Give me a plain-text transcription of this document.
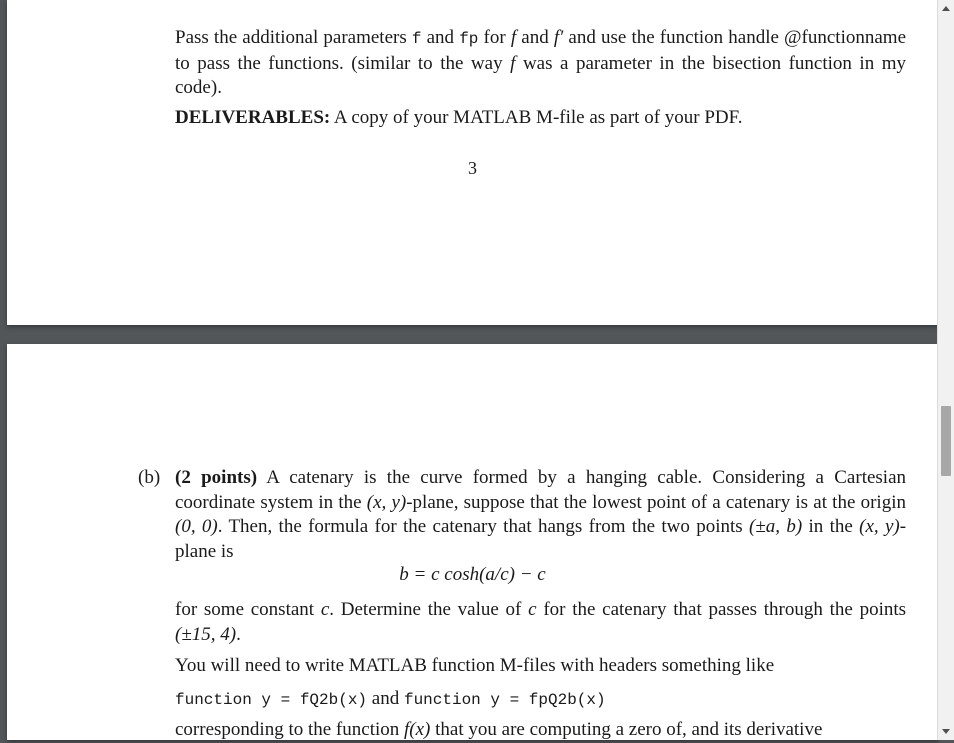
Pass the additional parameters f and fp for f and f′ and use the function handle @functionname to pass the functions. (similar to the way f was a parameter in the bisection function in my code).

DELIVERABLES: A copy of your MATLAB M-file as part of your PDF.
3
(b) (2 points) A catenary is the curve formed by a hanging cable. Considering a Cartesian coordinate system in the (x, y)-plane, suppose that the lowest point of a catenary is at the origin (0, 0). Then, the formula for the catenary that hangs from the two points (±a, b) in the (x, y)-plane is
b = c cosh(a/c) − c
for some constant c. Determine the value of c for the catenary that passes through the points (±15, 4).
You will need to write MATLAB function M-files with headers something like
function y = fQ2b(x) and function y = fpQ2b(x)
corresponding to the function f(x) that you are computing a zero of, and its derivative
